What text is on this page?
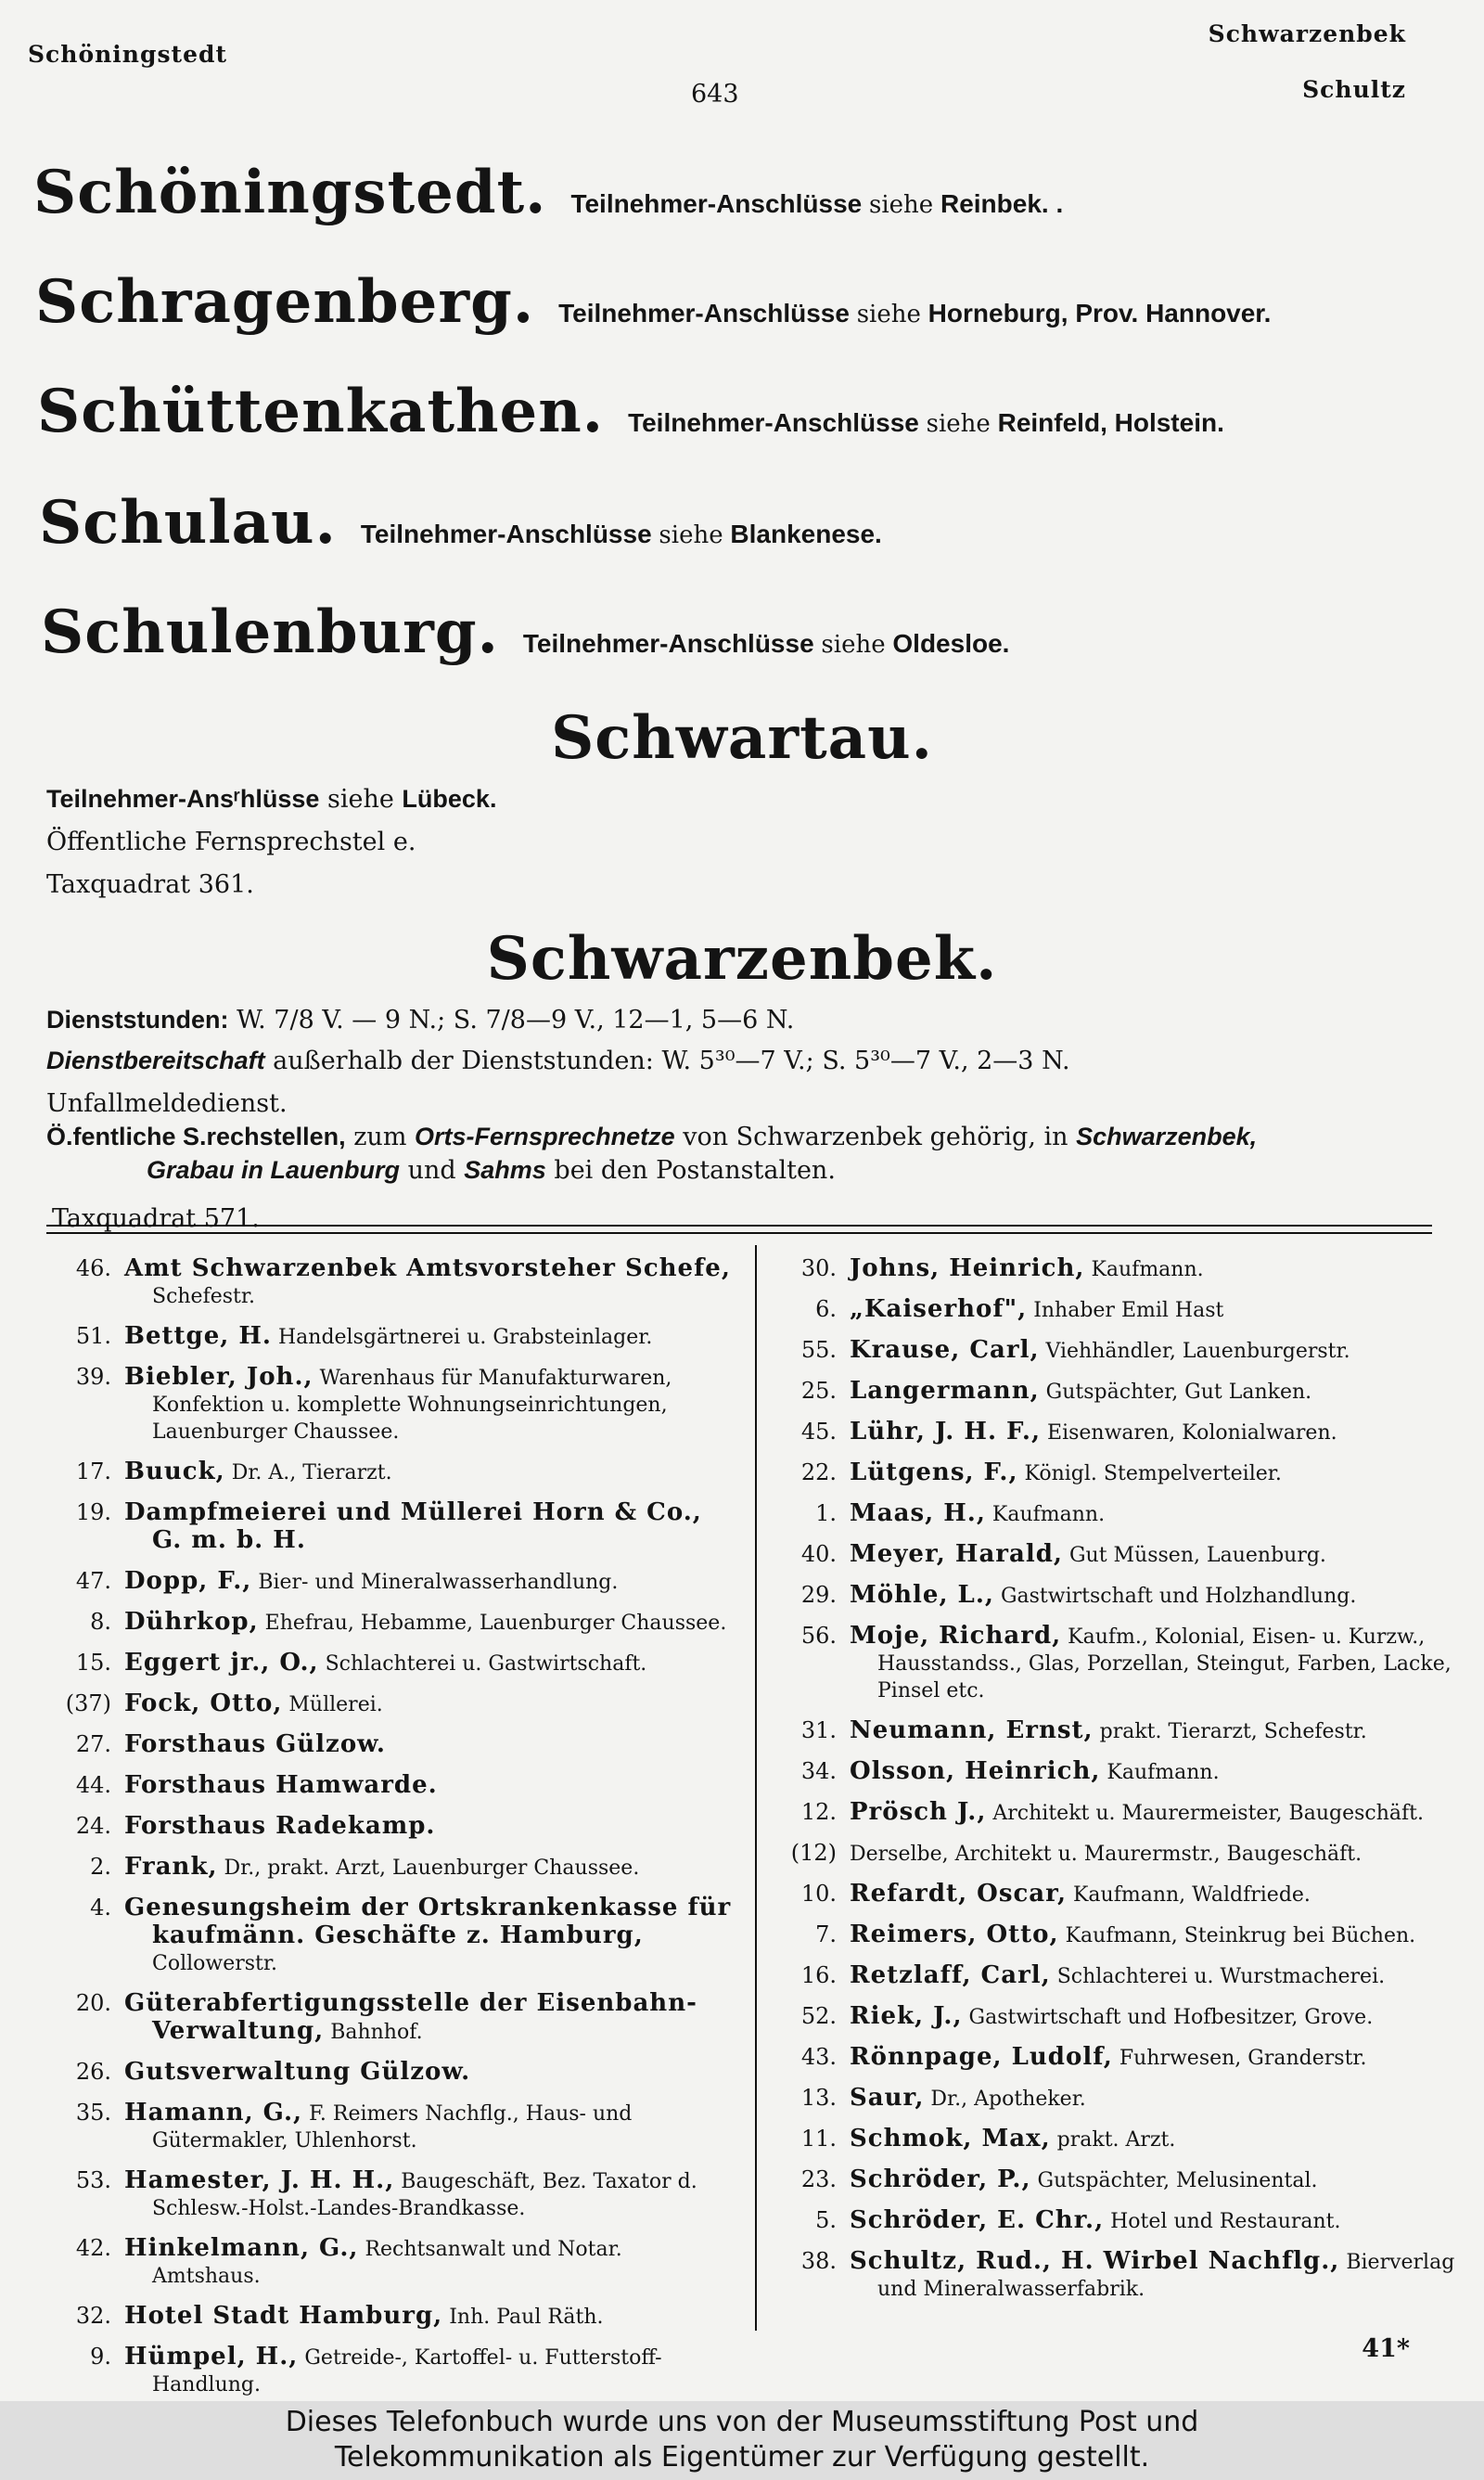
Schöningstedt
Schwarzenbek
Schultz
643
Schöningstedt. Teilnehmer-Anschlüsse siehe Reinbek. .
Schragenberg. Teilnehmer-Anschlüsse siehe Horneburg, Prov. Hannover.
Schüttenkathen. Teilnehmer-Anschlüsse siehe Reinfeld, Holstein.
Schulau. Teilnehmer-Anschlüsse siehe Blankenese.
Schulenburg. Teilnehmer-Anschlüsse siehe Oldesloe.
Schwartau.
Teilnehmer-Ansʳhlüsse siehe Lübeck.
Öffentliche Fernsprechstel e.
Taxquadrat 361.
Schwarzenbek.
Dienststunden: W. 7/8 V. — 9 N.; S. 7/8—9 V., 12—1, 5—6 N.
Dienstbereitschaft außerhalb der Dienststunden: W. 5³⁰—7 V.; S. 5³⁰—7 V., 2—3 N.
Unfallmeldedienst.
Ö.fentliche S.rechstellen, zum Orts-Fernsprechnetze von Schwarzenbek gehörig, in Schwarzenbek,
Grabau in Lauenburg und Sahms bei den Postanstalten.
Taxquadrat 571.
46. Amt Schwarzenbek Amtsvorsteher Schefe, Schefestr.
51. Bettge, H. Handelsgärtnerei u. Grabsteinlager.
39. Biebler, Joh., Warenhaus für Manufakturwaren, Konfektion u. komplette Wohnungseinrichtungen, Lauenburger Chaussee.
17. Buuck, Dr. A., Tierarzt.
19. Dampfmeierei und Müllerei Horn & Co., G. m. b. H.
47. Dopp, F., Bier- und Mineralwasserhandlung.
8. Dührkop, Ehefrau, Hebamme, Lauenburger Chaussee.
15. Eggert jr., O., Schlachterei u. Gastwirtschaft.
(37) Fock, Otto, Müllerei.
27. Forsthaus Gülzow.
44. Forsthaus Hamwarde.
24. Forsthaus Radekamp.
2. Frank, Dr., prakt. Arzt, Lauenburger Chaussee.
4. Genesungsheim der Ortskrankenkasse für kaufmänn. Geschäfte z. Hamburg, Collowerstr.
20. Güterabfertigungsstelle der Eisenbahn-Verwaltung, Bahnhof.
26. Gutsverwaltung Gülzow.
35. Hamann, G., F. Reimers Nachflg., Haus- und Gütermakler, Uhlenhorst.
53. Hamester, J. H. H., Baugeschäft, Bez. Taxator d. Schlesw.-Holst.-Landes-Brandkasse.
42. Hinkelmann, G., Rechtsanwalt und Notar. Amtshaus.
32. Hotel Stadt Hamburg, Inh. Paul Räth.
9. Hümpel, H., Getreide-, Kartoffel- u. Futterstoff-Handlung.
30. Johns, Heinrich, Kaufmann.
6. „Kaiserhof", Inhaber Emil Hast
55. Krause, Carl, Viehhändler, Lauenburgerstr.
25. Langermann, Gutspächter, Gut Lanken.
45. Lühr, J. H. F., Eisenwaren, Kolonialwaren.
22. Lütgens, F., Königl. Stempelverteiler.
1. Maas, H., Kaufmann.
40. Meyer, Harald, Gut Müssen, Lauenburg.
29. Möhle, L., Gastwirtschaft und Holzhandlung.
56. Moje, Richard, Kaufm., Kolonial, Eisen- u. Kurzw., Hausstandss., Glas, Porzellan, Steingut, Farben, Lacke, Pinsel etc.
31. Neumann, Ernst, prakt. Tierarzt, Schefestr.
34. Olsson, Heinrich, Kaufmann.
12. Prösch J., Architekt u. Maurermeister, Baugeschäft.
(12) Derselbe, Architekt u. Maurermstr., Baugeschäft.
10. Refardt, Oscar, Kaufmann, Waldfriede.
7. Reimers, Otto, Kaufmann, Steinkrug bei Büchen.
16. Retzlaff, Carl, Schlachterei u. Wurstmacherei.
52. Riek, J., Gastwirtschaft und Hofbesitzer, Grove.
43. Rönnpage, Ludolf, Fuhrwesen, Granderstr.
13. Saur, Dr., Apotheker.
11. Schmok, Max, prakt. Arzt.
23. Schröder, P., Gutspächter, Melusinental.
5. Schröder, E. Chr., Hotel und Restaurant.
38. Schultz, Rud., H. Wirbel Nachflg., Bierverlag und Mineralwasserfabrik.
41*
Dieses Telefonbuch wurde uns von der Museumsstiftung Post und
Telekommunikation als Eigentümer zur Verfügung gestellt.
